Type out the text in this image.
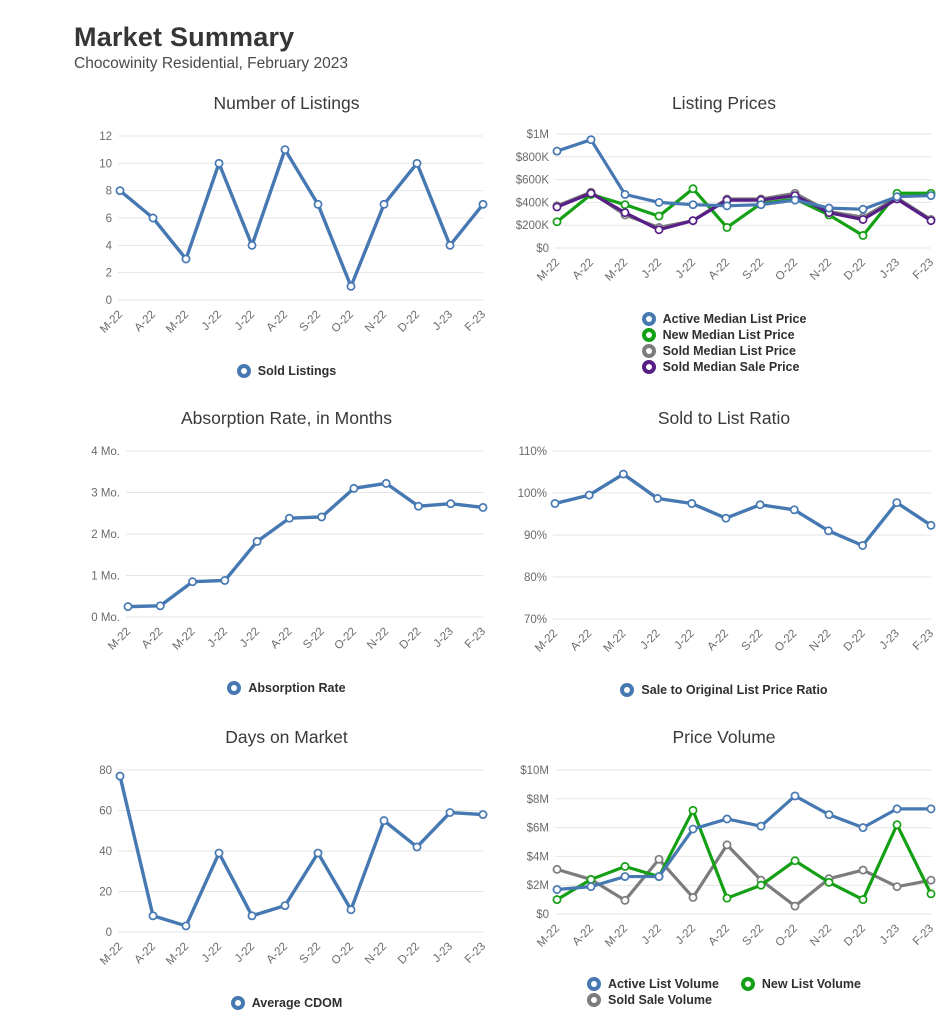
Market Summary
Chocowinity Residential, February 2023
Number of Listings
0
2
4
6
8
10
12
M-22 A-22 M-22 J-22 J-22 A-22 S-22 O-22 N-22 D-22 J-23 F-23
Sold Listings
Listing Prices
$0
$200K
$400K
$600K
$800K
$1M
M-22 A-22 M-22 J-22 J-22 A-22 S-22 O-22 N-22 D-22 J-23 F-23
Active Median List Price
New Median List Price
Sold Median List Price
Sold Median Sale Price
Absorption Rate, in Months
0 Mo.
1 Mo.
2 Mo.
3 Mo.
4 Mo.
M-22 A-22 M-22 J-22 J-22 A-22 S-22 O-22 N-22 D-22 J-23 F-23
Absorption Rate
Sold to List Ratio
70%
80%
90%
100%
110%
M-22 A-22 M-22 J-22 J-22 A-22 S-22 O-22 N-22 D-22 J-23 F-23
Sale to Original List Price Ratio
Days on Market
0
20
40
60
80
M-22 A-22 M-22 J-22 J-22 A-22 S-22 O-22 N-22 D-22 J-23 F-23
Average CDOM
Price Volume
$0
$2M
$4M
$6M
$8M
$10M
M-22 A-22 M-22 J-22 J-22 A-22 S-22 O-22 N-22 D-22 J-23 F-23
Active List Volume	New List Volume
Sold Sale Volume
